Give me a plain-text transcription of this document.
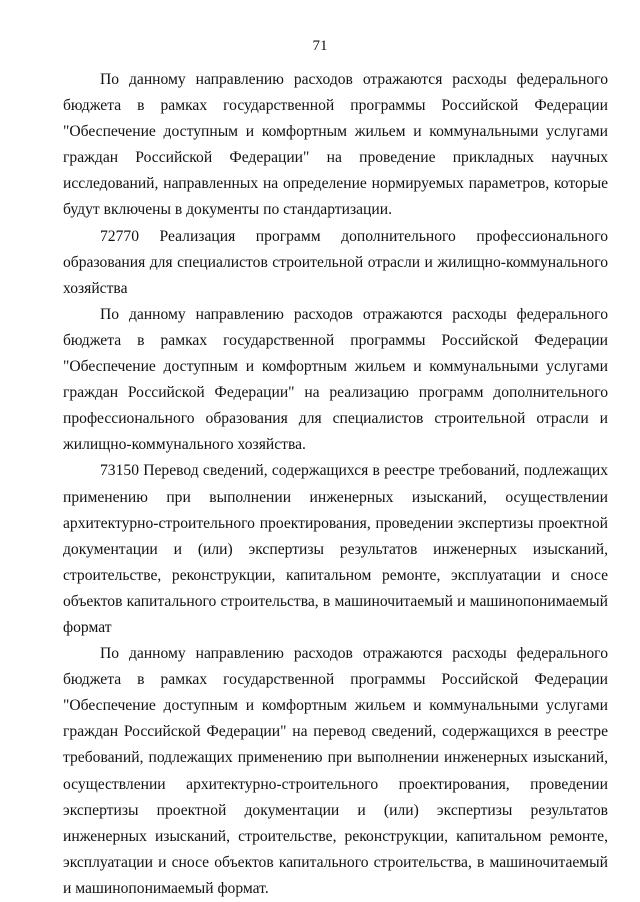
71

По данному направлению расходов отражаются расходы федерального бюджета в рамках государственной программы Российской Федерации "Обеспечение доступным и комфортным жильем и коммунальными услугами граждан Российской Федерации" на проведение прикладных научных исследований, направленных на определение нормируемых параметров, которые будут включены в документы по стандартизации.

72770 Реализация программ дополнительного профессионального образования для специалистов строительной отрасли и жилищно-коммунального хозяйства

По данному направлению расходов отражаются расходы федерального бюджета в рамках государственной программы Российской Федерации "Обеспечение доступным и комфортным жильем и коммунальными услугами граждан Российской Федерации" на реализацию программ дополнительного профессионального образования для специалистов строительной отрасли и жилищно-коммунального хозяйства.

73150 Перевод сведений, содержащихся в реестре требований, подлежащих применению при выполнении инженерных изысканий, осуществлении архитектурно-строительного проектирования, проведении экспертизы проектной документации и (или) экспертизы результатов инженерных изысканий, строительстве, реконструкции, капитальном ремонте, эксплуатации и сносе объектов капитального строительства, в машиночитаемый и машинопонимаемый формат

По данному направлению расходов отражаются расходы федерального бюджета в рамках государственной программы Российской Федерации "Обеспечение доступным и комфортным жильем и коммунальными услугами граждан Российской Федерации" на перевод сведений, содержащихся в реестре требований, подлежащих применению при выполнении инженерных изысканий, осуществлении архитектурно-строительного проектирования, проведении экспертизы проектной документации и (или) экспертизы результатов инженерных изысканий, строительстве, реконструкции, капитальном ремонте, эксплуатации и сносе объектов капитального строительства, в машиночитаемый и машинопонимаемый формат.
